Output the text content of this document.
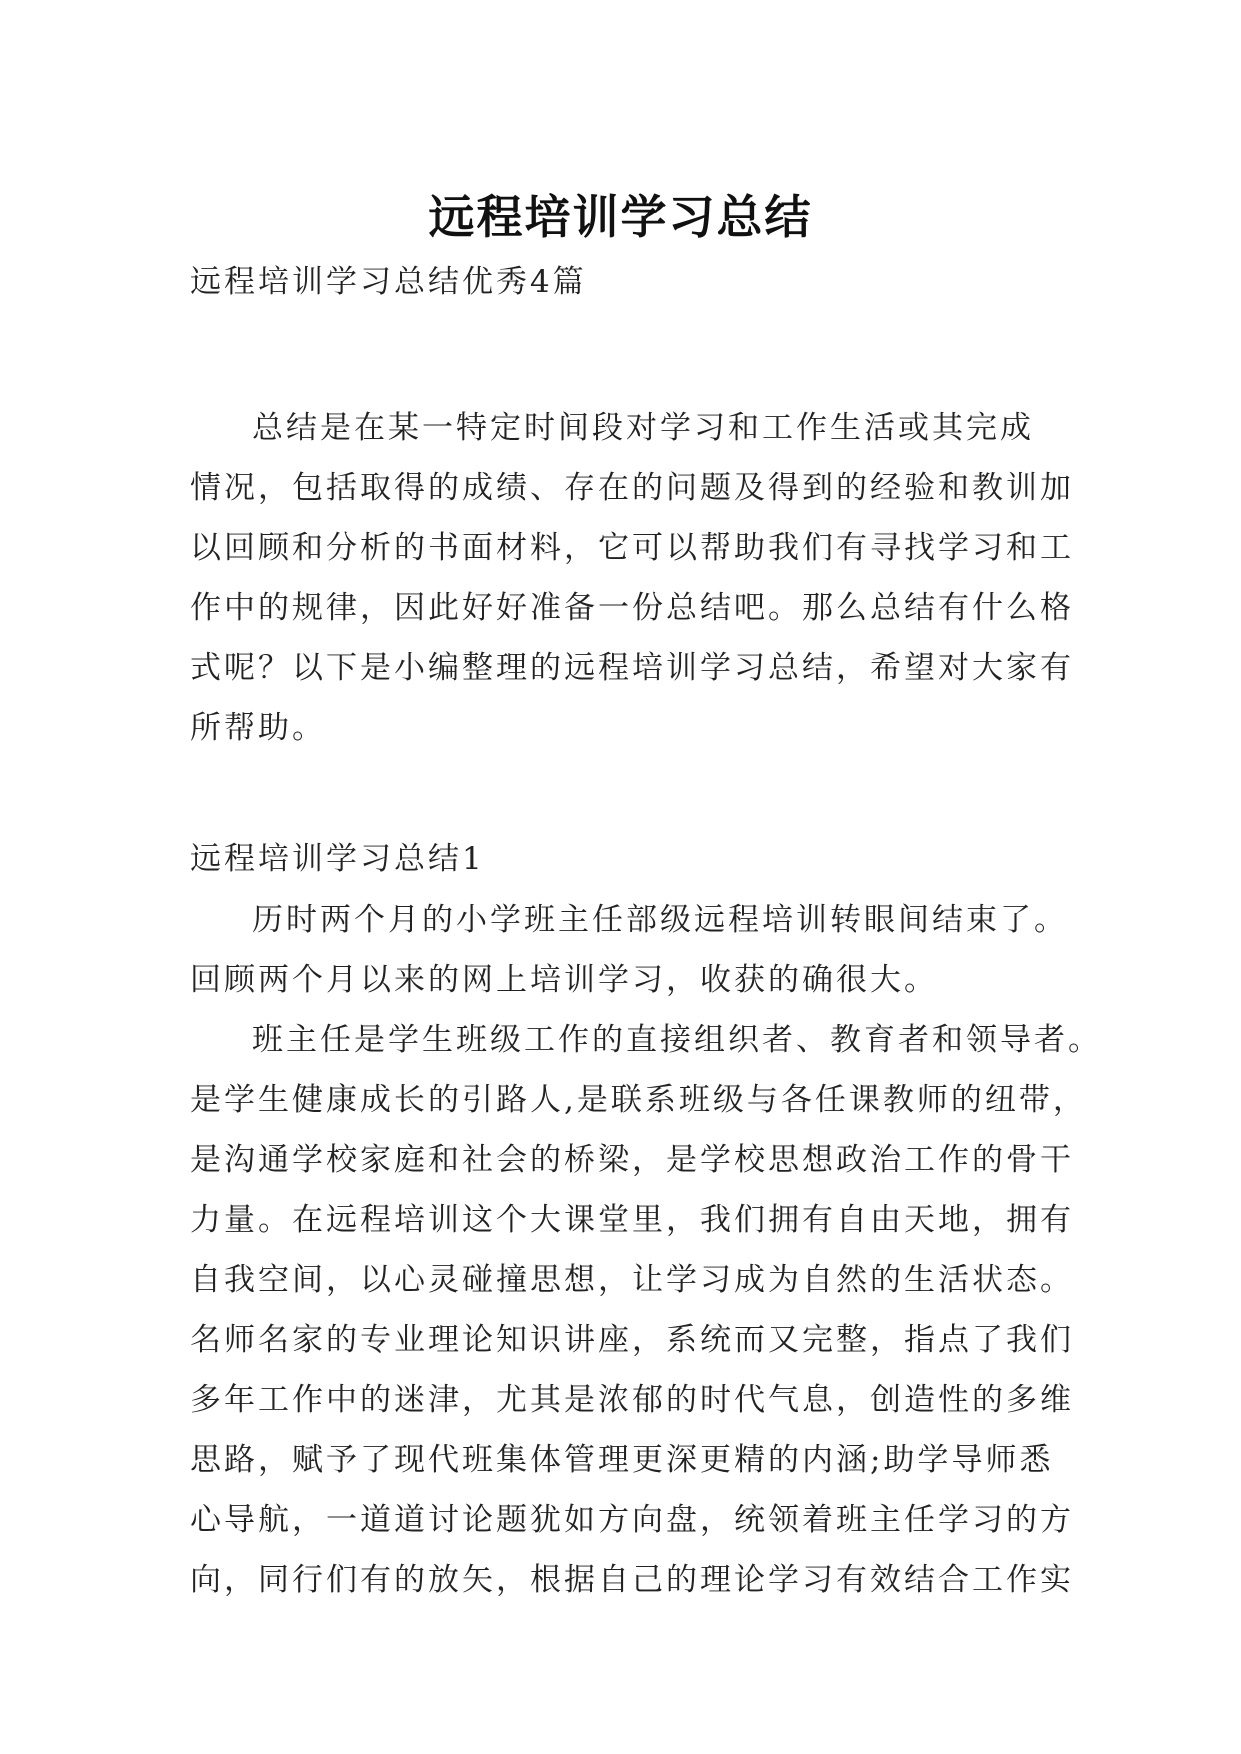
远程培训学习总结

远程培训学习总结优秀4篇

总结是在某一特定时间段对学习和工作生活或其完成

情况，包括取得的成绩、存在的问题及得到的经验和教训加

以回顾和分析的书面材料，它可以帮助我们有寻找学习和工

作中的规律，因此好好准备一份总结吧。那么总结有什么格

式呢？以下是小编整理的远程培训学习总结，希望对大家有

所帮助。

远程培训学习总结1

历时两个月的小学班主任部级远程培训转眼间结束了。

回顾两个月以来的网上培训学习，收获的确很大。

班主任是学生班级工作的直接组织者、教育者和领导者。

是学生健康成长的引路人,是联系班级与各任课教师的纽带，

是沟通学校家庭和社会的桥梁，是学校思想政治工作的骨干

力量。在远程培训这个大课堂里，我们拥有自由天地，拥有

自我空间，以心灵碰撞思想，让学习成为自然的生活状态。

名师名家的专业理论知识讲座，系统而又完整，指点了我们

多年工作中的迷津，尤其是浓郁的时代气息，创造性的多维

思路，赋予了现代班集体管理更深更精的内涵;助学导师悉

心导航，一道道讨论题犹如方向盘，统领着班主任学习的方

向，同行们有的放矢，根据自己的理论学习有效结合工作实
